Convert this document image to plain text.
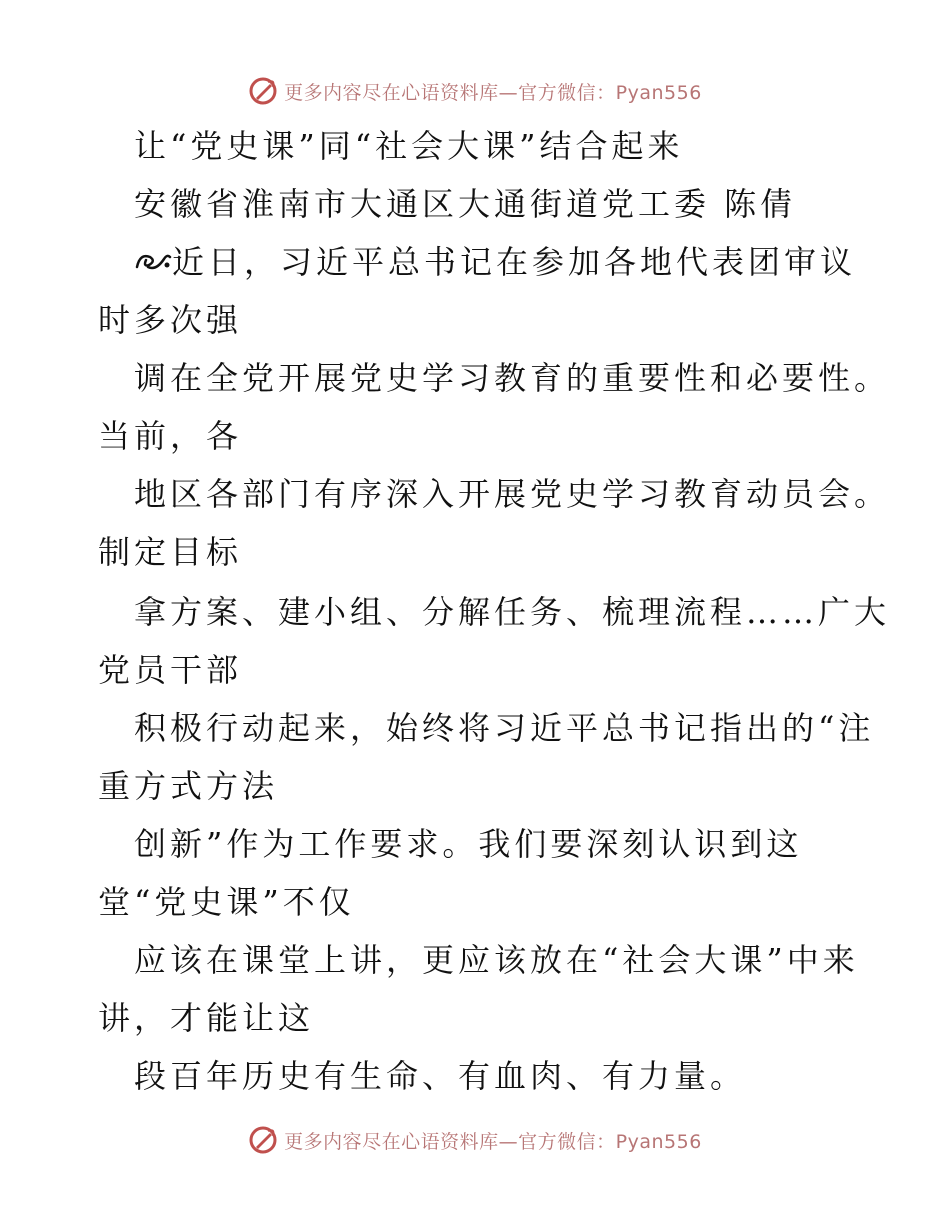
更多内容尽在心语资料库—官方微信：Pyan556
让“党史课”同“社会大课”结合起来
安徽省淮南市大通区大通街道党工委 陈倩
近日，习近平总书记在参加各地代表团审议
时多次强
调在全党开展党史学习教育的重要性和必要性。
当前，各
地区各部门有序深入开展党史学习教育动员会。
制定目标
拿方案、建小组、分解任务、梳理流程……广大
党员干部
积极行动起来，始终将习近平总书记指出的“注
重方式方法
创新”作为工作要求。我们要深刻认识到这
堂“党史课”不仅
应该在课堂上讲，更应该放在“社会大课”中来
讲，才能让这
段百年历史有生命、有血肉、有力量。
更多内容尽在心语资料库—官方微信：Pyan556
